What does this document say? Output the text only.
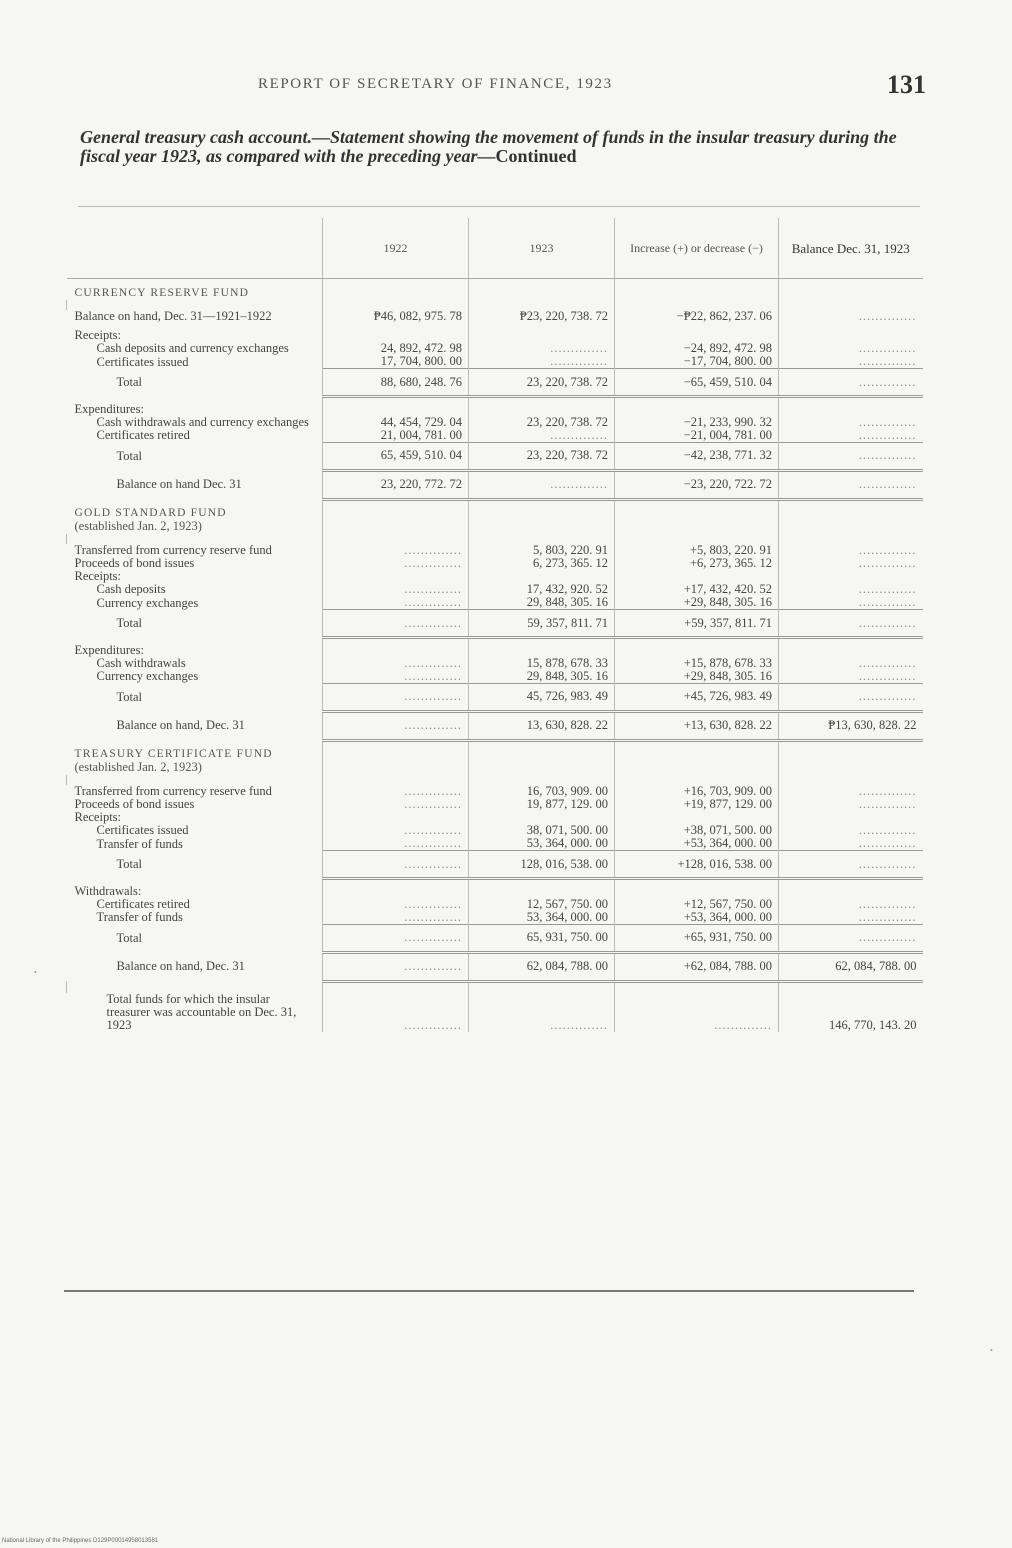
REPORT OF SECRETARY OF FINANCE, 1923	131
General treasury cash account.—Statement showing the movement of funds in the insular treasury during the fiscal year 1923, as compared with the preceding year—Continued
	1922	1923	Increase (+) or decrease (−)	Balance Dec. 31, 1923
CURRENCY RESERVE FUND				

Balance on hand, Dec. 31—1921–1922	₱46, 082, 975. 78	₱23, 220, 738. 72	−₱22, 862, 237. 06	..............
Receipts:				
Cash deposits and currency exchanges	24, 892, 472. 98	..............	−24, 892, 472. 98	..............
Certificates issued	17, 704, 800. 00	..............	−17, 704, 800. 00	..............
Total	88, 680, 248. 76	23, 220, 738. 72	−65, 459, 510. 04	..............
Expenditures:				
Cash withdrawals and currency exchanges	44, 454, 729. 04	23, 220, 738. 72	−21, 233, 990. 32	..............
Certificates retired	21, 004, 781. 00	..............	−21, 004, 781. 00	..............
Total	65, 459, 510. 04	23, 220, 738. 72	−42, 238, 771. 32	..............
Balance on hand Dec. 31	23, 220, 772. 72	..............	−23, 220, 722. 72	..............
GOLD STANDARD FUND
(established Jan. 2, 1923)				

Transferred from currency reserve fund	..............	5, 803, 220. 91	+5, 803, 220. 91	..............
Proceeds of bond issues	..............	6, 273, 365. 12	+6, 273, 365. 12	..............
Receipts:				
Cash deposits	..............	17, 432, 920. 52	+17, 432, 420. 52	..............
Currency exchanges	..............	29, 848, 305. 16	+29, 848, 305. 16	..............
Total	..............	59, 357, 811. 71	+59, 357, 811. 71	..............
Expenditures:				
Cash withdrawals	..............	15, 878, 678. 33	+15, 878, 678. 33	..............
Currency exchanges	..............	29, 848, 305. 16	+29, 848, 305. 16	..............
Total	..............	45, 726, 983. 49	+45, 726, 983. 49	..............
Balance on hand, Dec. 31	..............	13, 630, 828. 22	+13, 630, 828. 22	₱13, 630, 828. 22
TREASURY CERTIFICATE FUND
(established Jan. 2, 1923)				

Transferred from currency reserve fund	..............	16, 703, 909. 00	+16, 703, 909. 00	..............
Proceeds of bond issues	..............	19, 877, 129. 00	+19, 877, 129. 00	..............
Receipts:				
Certificates issued	..............	38, 071, 500. 00	+38, 071, 500. 00	..............
Transfer of funds	..............	53, 364, 000. 00	+53, 364, 000. 00	..............
Total	..............	128, 016, 538. 00	+128, 016, 538. 00	..............
Withdrawals:				
Certificates retired	..............	12, 567, 750. 00	+12, 567, 750. 00	..............
Transfer of funds	..............	53, 364, 000. 00	+53, 364, 000. 00	..............
Total	..............	65, 931, 750. 00	+65, 931, 750. 00	..............
Balance on hand, Dec. 31	..............	62, 084, 788. 00	+62, 084, 788. 00	62, 084, 788. 00

Total funds for which the insular treasurer was accountable on Dec. 31, 1923	..............	..............	..............	146, 770, 143. 20
•
•
National Library of the Philippines D129P00014958013581
